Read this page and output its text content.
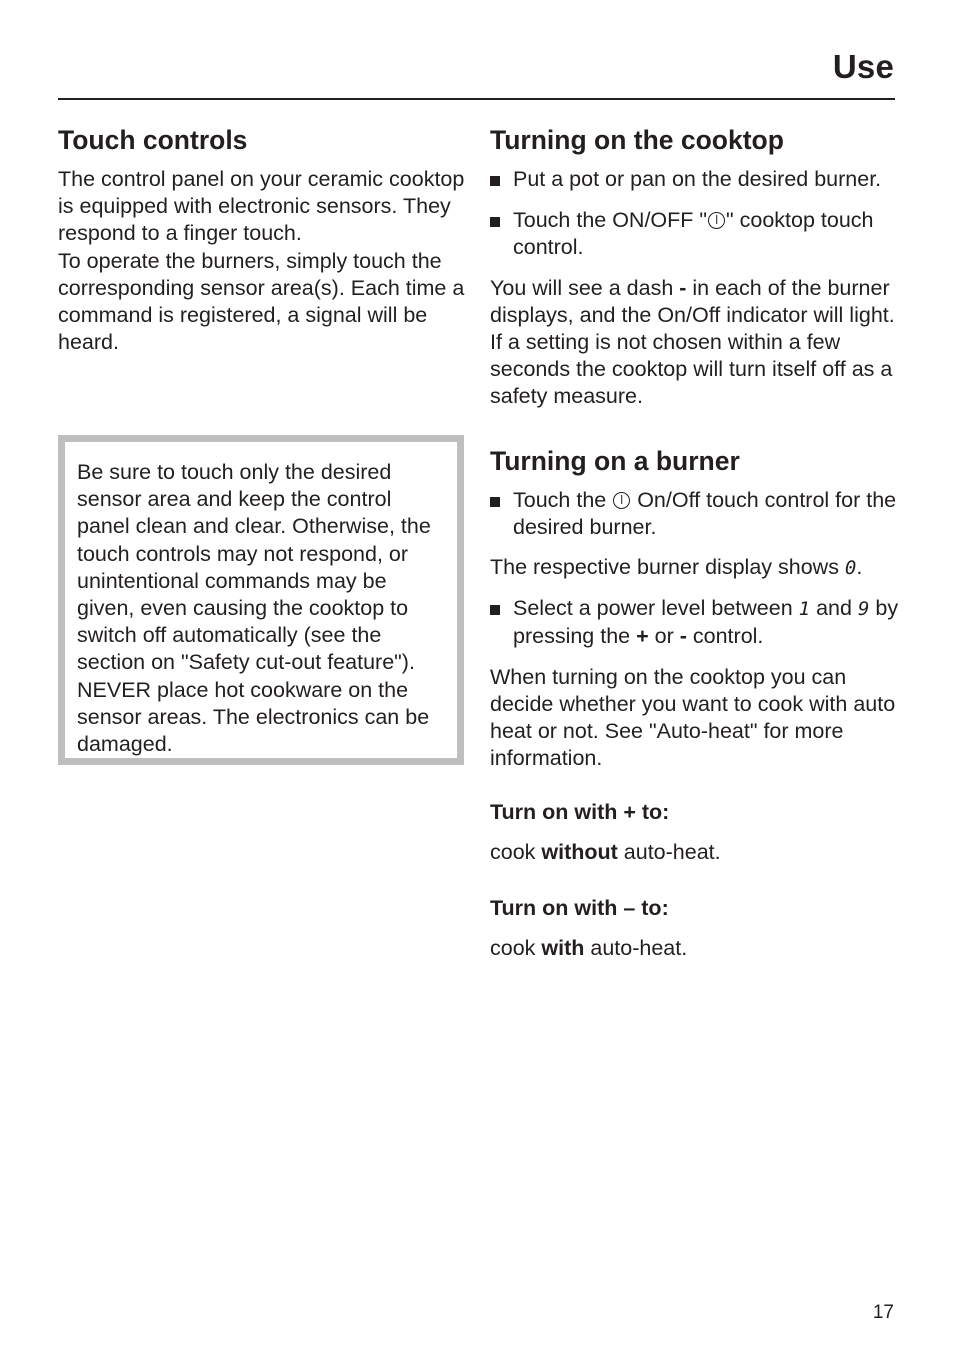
Use
Touch controls

The control panel on your ceramic cooktop is equipped with electronic sensors. They respond to a finger touch.

To operate the burners, simply touch the corresponding sensor area(s). Each time a command is registered, a signal will be heard.

Be sure to touch only the desired sensor area and keep the control panel clean and clear. Otherwise, the touch controls may not respond, or unintentional commands may be given, even causing the cooktop to switch off automatically (see the section on "Safety cut-out feature"). NEVER place hot cookware on the sensor areas. The electronics can be damaged.

Turning on the cooktop
Put a pot or pan on the desired burner.
Touch the ON/OFF " " cooktop touch control.

You will see a dash - in each of the burner displays, and the On/Off indicator will light. If a setting is not chosen within a few seconds the cooktop will turn itself off as a safety measure.

Turning on a burner
Touch the  On/Off touch control for the desired burner.

The respective burner display shows 0.

Select a power level between 1 and 9 by pressing the + or - control.

When turning on the cooktop you can decide whether you want to cook with auto heat or not. See "Auto-heat" for more information.

Turn on with + to:

cook without auto-heat.

Turn on with – to:

cook with auto-heat.

17
